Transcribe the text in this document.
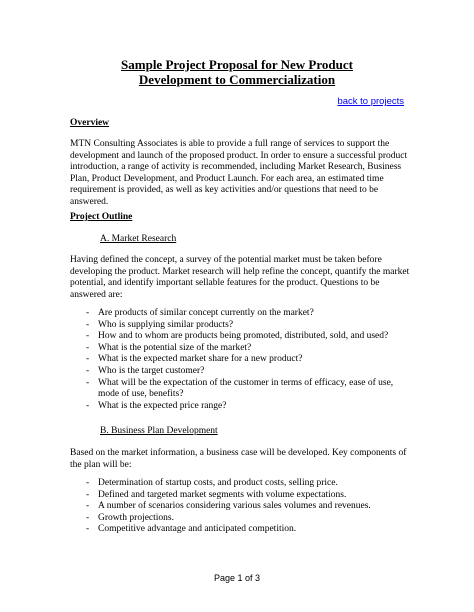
Sample Project Proposal for New Product
Development to Commercialization
back to projects
Overview
MTN Consulting Associates is able to provide a full range of services to support the development and launch of the proposed product. In order to ensure a successful product introduction, a range of activity is recommended, including Market Research, Business Plan, Product Development, and Product Launch. For each area, an estimated time requirement is provided, as well as key activities and/or questions that need to be answered.
Project Outline
A. Market Research
Having defined the concept, a survey of the potential market must be taken before developing the product. Market research will help refine the concept, quantify the market potential, and identify important sellable features for the product. Questions to be answered are:
- Are products of similar concept currently on the market?
- Who is supplying similar products?
- How and to whom are products being promoted, distributed, sold, and used?
- What is the potential size of the market?
- What is the expected market share for a new product?
- Who is the target customer?
- What will be the expectation of the customer in terms of efficacy, ease of use, mode of use, benefits?
- What is the expected price range?
B. Business Plan Development
Based on the market information, a business case will be developed. Key components of the plan will be:
- Determination of startup costs, and product costs, selling price.
- Defined and targeted market segments with volume expectations.
- A number of scenarios considering various sales volumes and revenues.
- Growth projections.
- Competitive advantage and anticipated competition.
Page 1 of 3
